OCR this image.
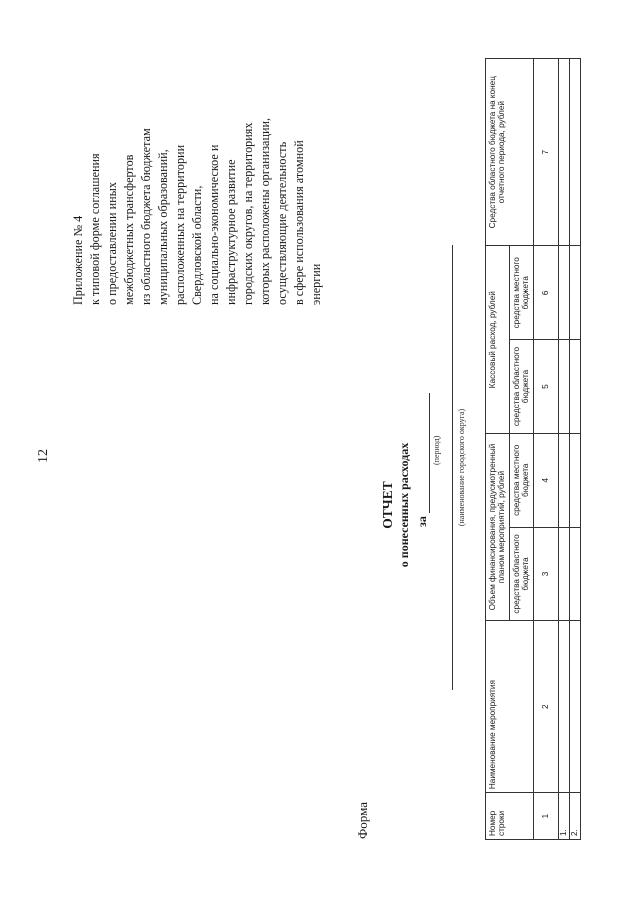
12
Приложение № 4 к типовой форме соглашения о предоставлении иных межбюджетных трансфертов из областного бюджета бюджетам муниципальных образований, расположенных на территории Свердловской области, на социально-экономическое и инфраструктурное развитие городских округов, на территориях которых расположены организации, осуществляющие деятельность в сфере использования атомной энергии
Форма
ОТЧЕТ о понесенных расходах за
(период) (наименование городского округа)
Номер строки	Наименование мероприятия	Объем финансирования, предусмотренный планом мероприятий, рублей		Кассовый расход, рублей		Средства областного бюджета на конец отчетного периода, рублей
		средства областного бюджета	средства местного бюджета	средства областного бюджета	средства местного бюджета	
1	2	3	4	5	6	7
1.						
2.						
